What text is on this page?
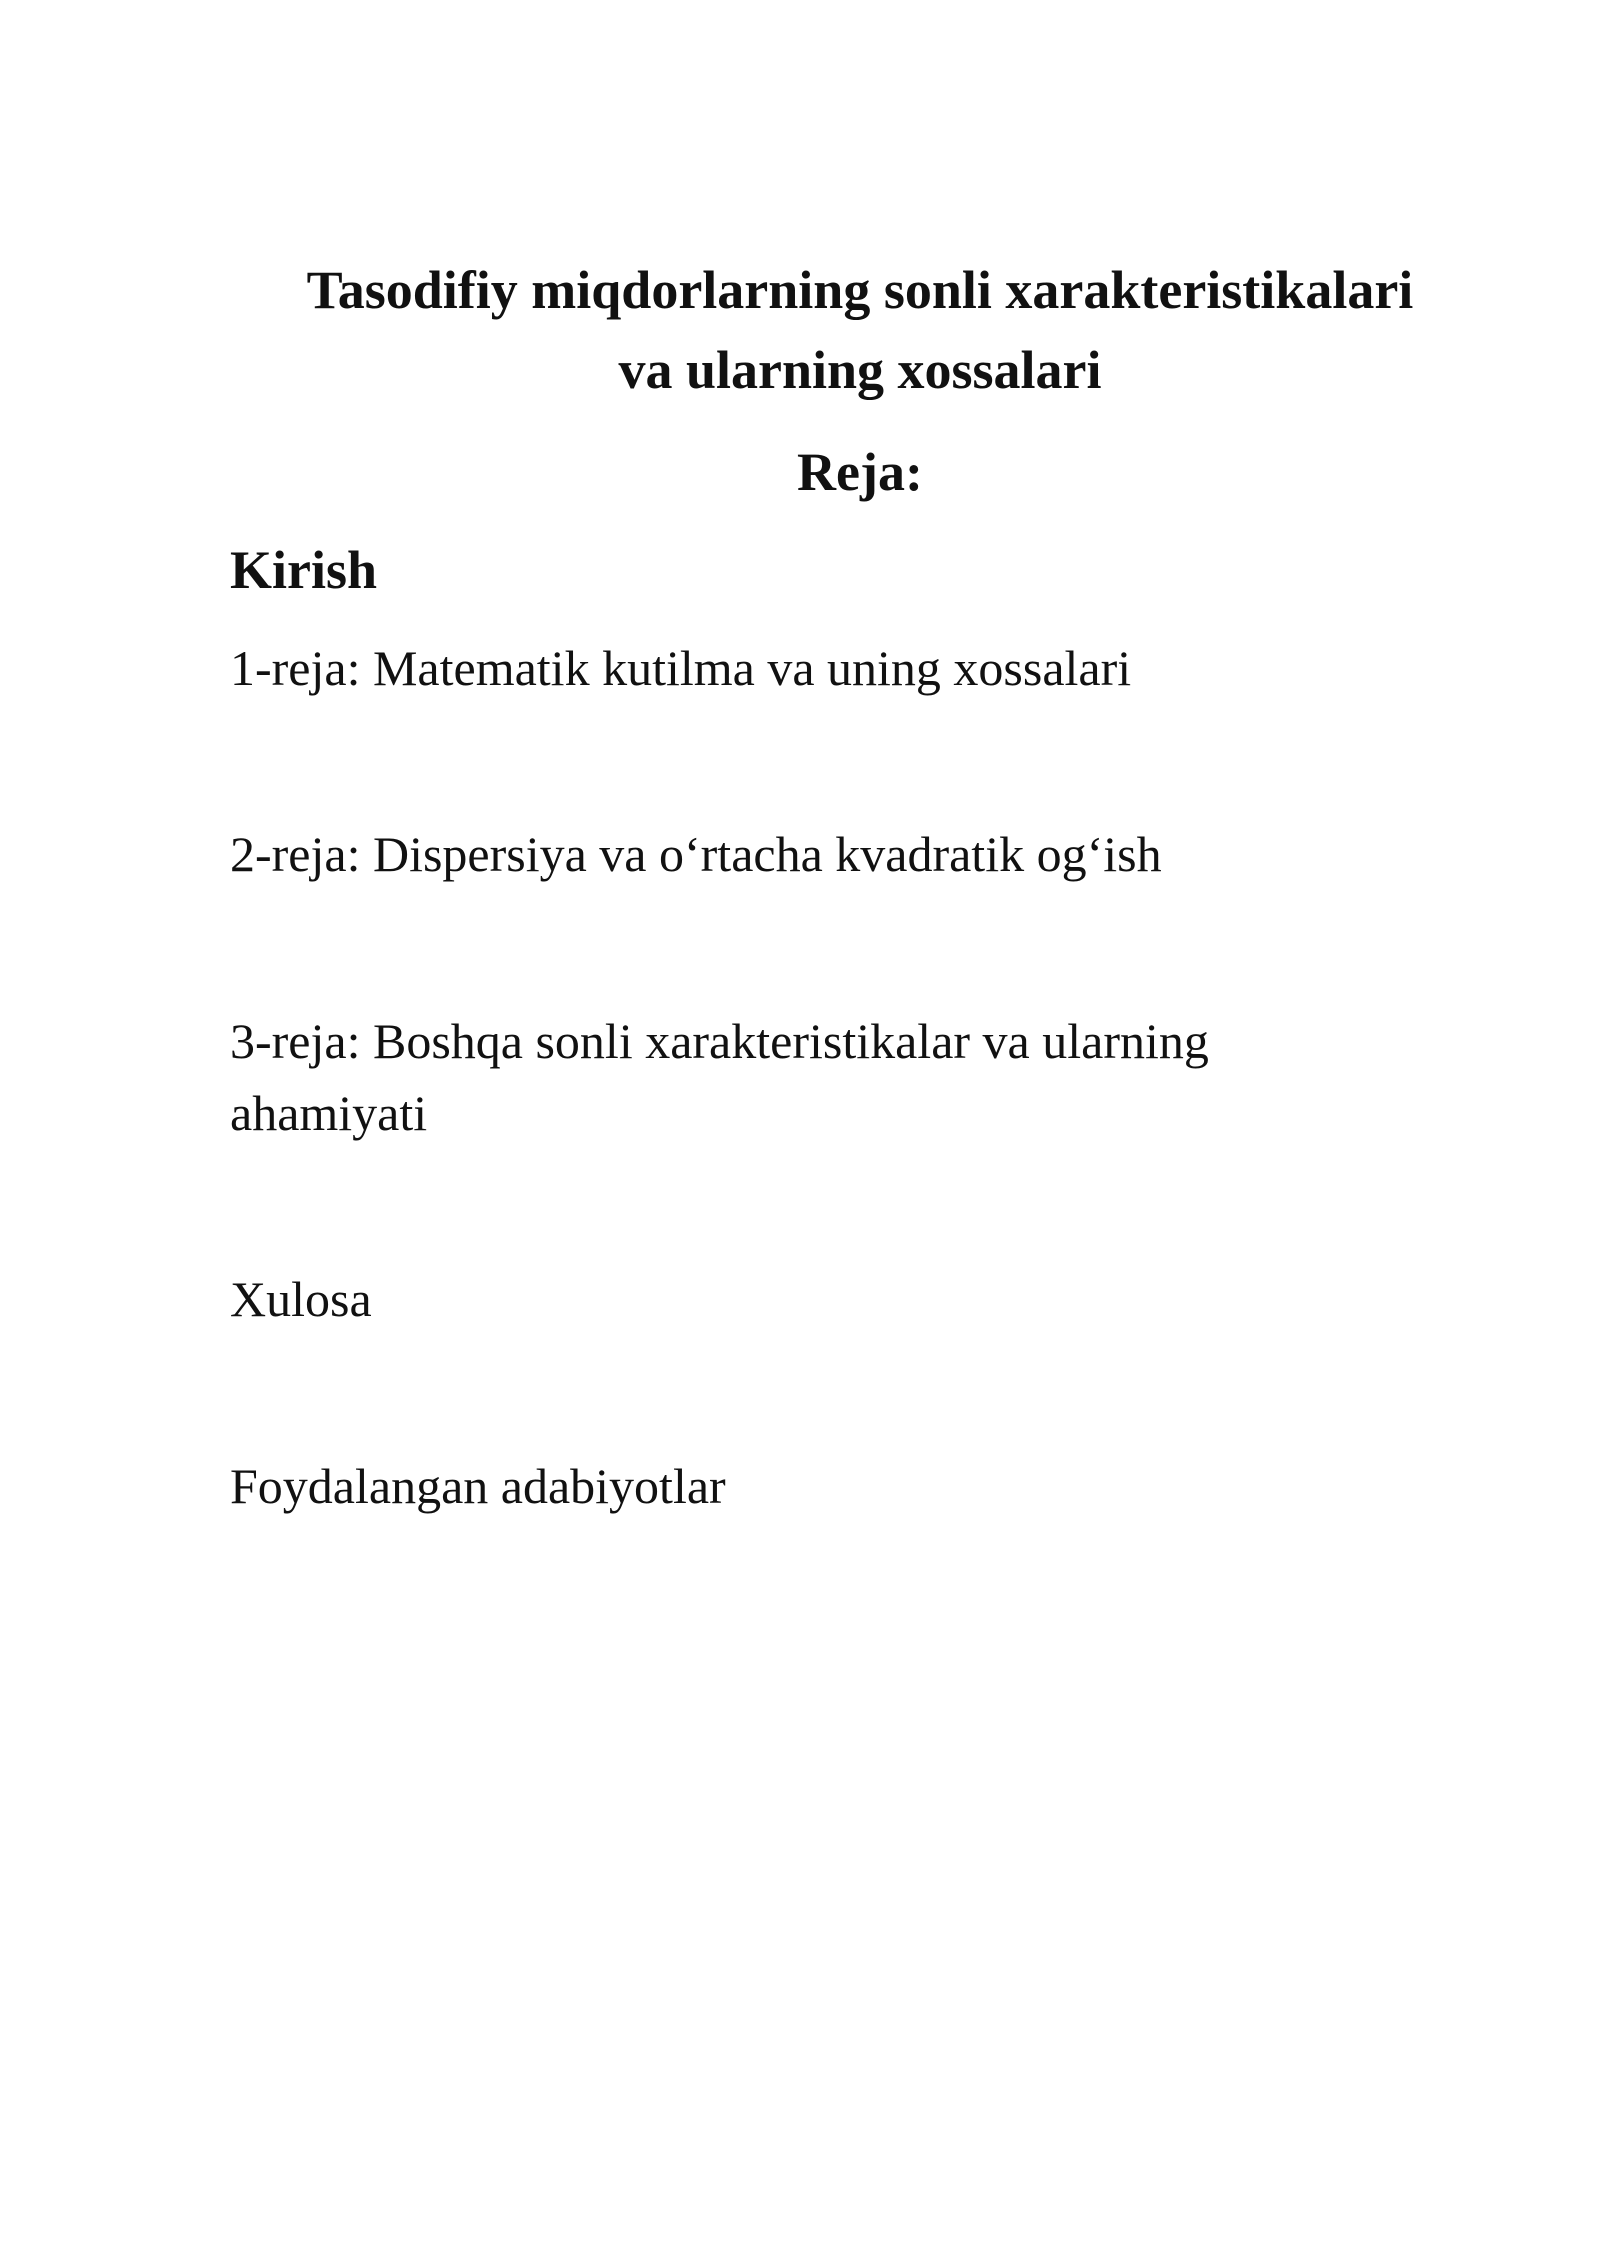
Tasodifiy miqdorlarning sonli xarakteristikalari
va ularning xossalari
Reja:
Kirish

1-reja: Matematik kutilma va uning xossalari

2-reja: Dispersiya va o‘rtacha kvadratik og‘ish

3-reja: Boshqa sonli xarakteristikalar va ularning
ahamiyati

Xulosa

Foydalangan adabiyotlar
